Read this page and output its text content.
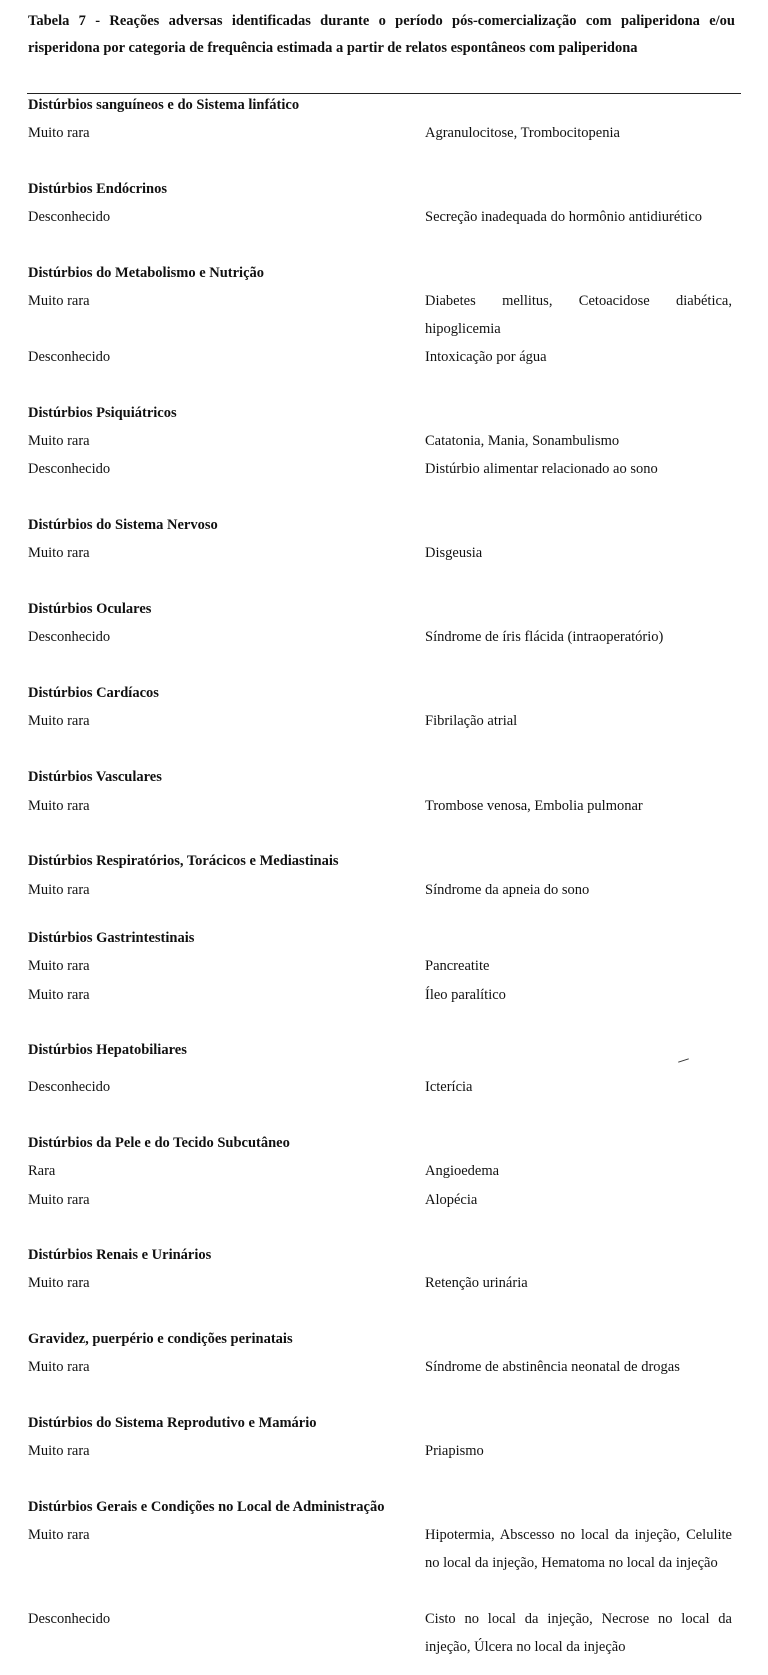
Tabela 7 - Reações adversas identificadas durante o período pós-comercialização com paliperidona e/ou risperidona por categoria de frequência estimada a partir de relatos espontâneos com paliperidona
Distúrbios sanguíneos e do Sistema linfático
Muito rara	Agranulocitose, Trombocitopenia
Distúrbios Endócrinos
Desconhecido	Secreção inadequada do hormônio antidiurético
Distúrbios do Metabolismo e Nutrição
Muito rara	Diabetes mellitus, Cetoacidose diabética, hipoglicemia
Desconhecido	Intoxicação por água
Distúrbios Psiquiátricos
Muito rara	Catatonia, Mania, Sonambulismo
Desconhecido	Distúrbio alimentar relacionado ao sono
Distúrbios do Sistema Nervoso
Muito rara	Disgeusia
Distúrbios Oculares
Desconhecido	Síndrome de íris flácida (intraoperatório)
Distúrbios Cardíacos
Muito rara	Fibrilação atrial
Distúrbios Vasculares
Muito rara	Trombose venosa, Embolia pulmonar
Distúrbios Respiratórios, Torácicos e Mediastinais
Muito rara	Síndrome da apneia do sono
Distúrbios Gastrintestinais
Muito rara	Pancreatite
Muito rara	Íleo paralítico
Distúrbios Hepatobiliares
Desconhecido	Icterícia
Distúrbios da Pele e do Tecido Subcutâneo
Rara	Angioedema
Muito rara	Alopécia
Distúrbios Renais e Urinários
Muito rara	Retenção urinária
Gravidez, puerpério e condições perinatais
Muito rara	Síndrome de abstinência neonatal de drogas
Distúrbios do Sistema Reprodutivo e Mamário
Muito rara	Priapismo
Distúrbios Gerais e Condições no Local de Administração
Muito rara	Hipotermia, Abscesso no local da injeção, Celulite no local da injeção, Hematoma no local da injeção
Desconhecido	Cisto no local da injeção, Necrose no local da injeção, Úlcera no local da injeção
